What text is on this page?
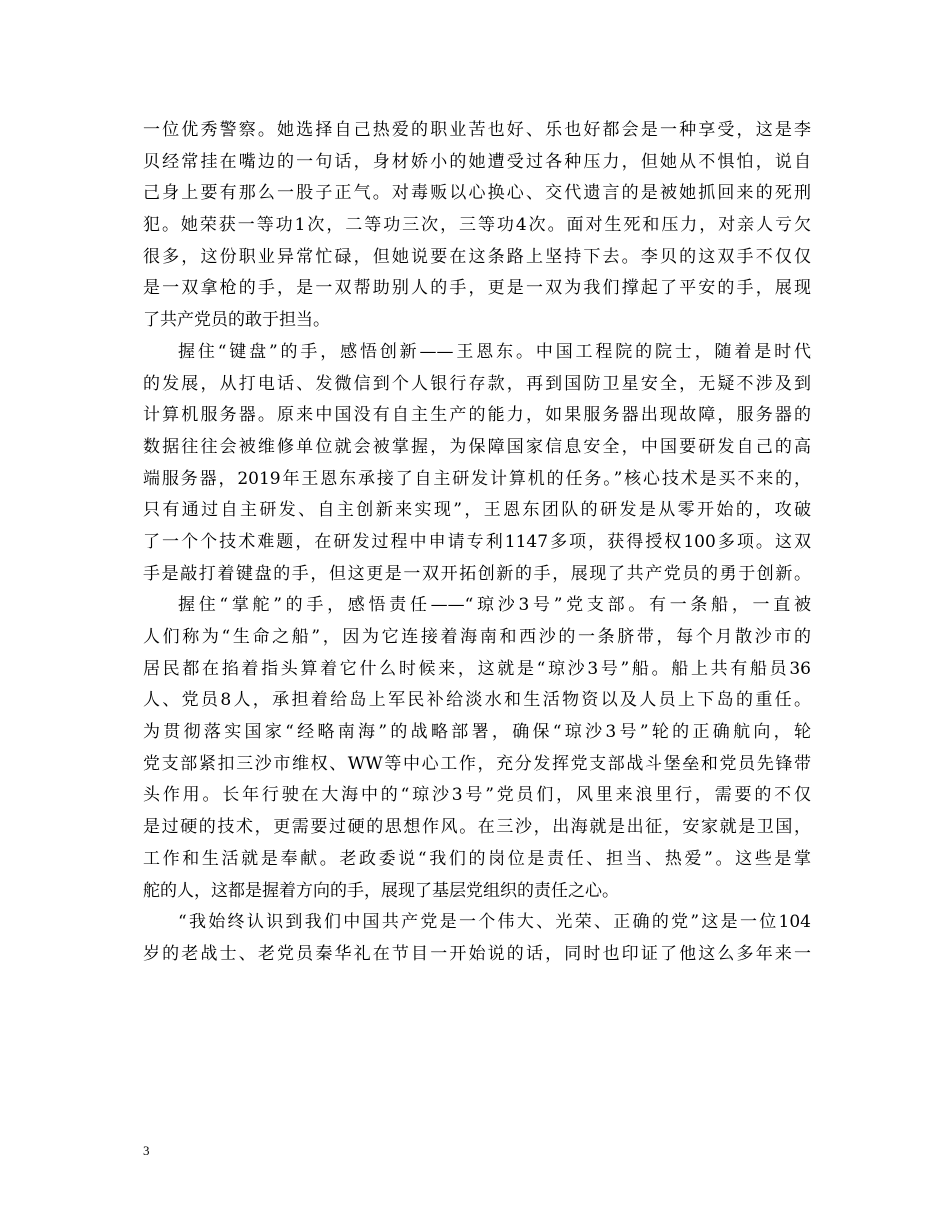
一位优秀警察。她选择自己热爱的职业苦也好、乐也好都会是一种享受，这是李
贝经常挂在嘴边的一句话，身材娇小的她遭受过各种压力，但她从不惧怕，说自
己身上要有那么一股子正气。对毒贩以心换心、交代遗言的是被她抓回来的死刑
犯。她荣获一等功1次，二等功三次，三等功4次。面对生死和压力，对亲人亏欠
很多，这份职业异常忙碌，但她说要在这条路上坚持下去。李贝的这双手不仅仅
是一双拿枪的手，是一双帮助别人的手，更是一双为我们撑起了平安的手，展现
了共产党员的敢于担当。
握住“键盘”的手，感悟创新——王恩东。中国工程院的院士，随着是时代
的发展，从打电话、发微信到个人银行存款，再到国防卫星安全，无疑不涉及到
计算机服务器。原来中国没有自主生产的能力，如果服务器出现故障，服务器的
数据往往会被维修单位就会被掌握，为保障国家信息安全，中国要研发自己的高
端服务器，2019年王恩东承接了自主研发计算机的任务。”核心技术是买不来的，
只有通过自主研发、自主创新来实现”，王恩东团队的研发是从零开始的，攻破
了一个个技术难题，在研发过程中申请专利1147多项，获得授权100多项。这双
手是敲打着键盘的手，但这更是一双开拓创新的手，展现了共产党员的勇于创新。
握住“掌舵”的手，感悟责任——“琼沙3号”党支部。有一条船，一直被
人们称为“生命之船”，因为它连接着海南和西沙的一条脐带，每个月散沙市的
居民都在掐着指头算着它什么时候来，这就是“琼沙3号”船。船上共有船员36
人、党员8人，承担着给岛上军民补给淡水和生活物资以及人员上下岛的重任。
为贯彻落实国家“经略南海”的战略部署，确保“琼沙3号”轮的正确航向，轮
党支部紧扣三沙市维权、WW等中心工作，充分发挥党支部战斗堡垒和党员先锋带
头作用。长年行驶在大海中的“琼沙3号”党员们，风里来浪里行，需要的不仅
是过硬的技术，更需要过硬的思想作风。在三沙，出海就是出征，安家就是卫国，
工作和生活就是奉献。老政委说“我们的岗位是责任、担当、热爱”。这些是掌
舵的人，这都是握着方向的手，展现了基层党组织的责任之心。
“我始终认识到我们中国共产党是一个伟大、光荣、正确的党”这是一位104
岁的老战士、老党员秦华礼在节目一开始说的话，同时也印证了他这么多年来一
3
